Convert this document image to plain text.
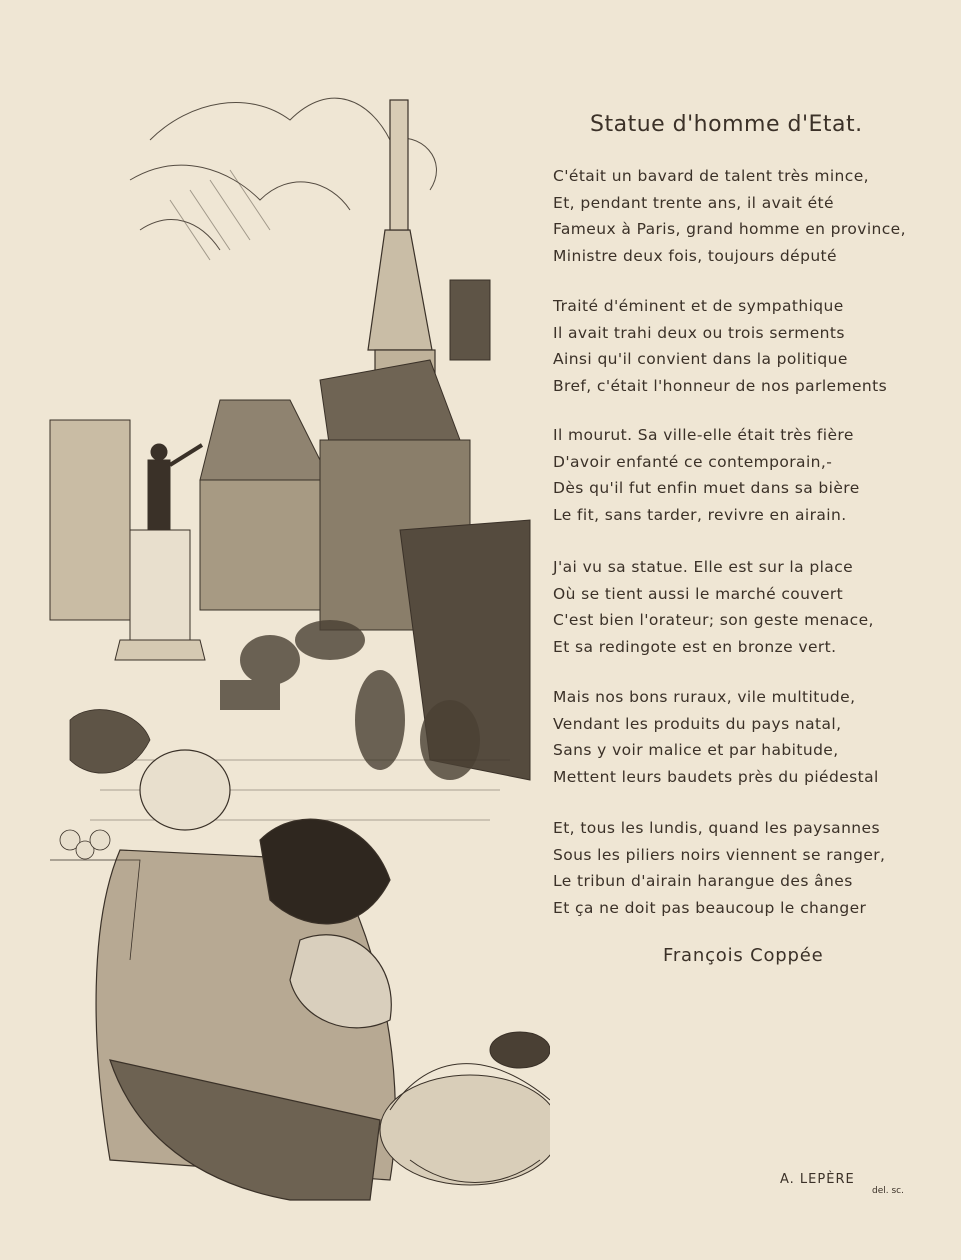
Statue d'homme d'Etat.
C'était un bavard de talent très mince,
Et, pendant trente ans, il avait été
Fameux à Paris, grand homme en province,
Ministre deux fois, toujours député
Traité d'éminent et de sympathique
Il avait trahi deux ou trois serments
Ainsi qu'il convient dans la politique
Bref, c'était l'honneur de nos parlements
Il mourut. Sa ville-elle était très fière
D'avoir enfanté ce contemporain,-
Dès qu'il fut enfin muet dans sa bière
Le fit, sans tarder, revivre en airain.
J'ai vu sa statue. Elle est sur la place
Où se tient aussi le marché couvert
C'est bien l'orateur; son geste menace,
Et sa redingote est en bronze vert.
Mais nos bons ruraux, vile multitude,
Vendant les produits du pays natal,
Sans y voir malice et par habitude,
Mettent leurs baudets près du piédestal
Et, tous les lundis, quand les paysannes
Sous les piliers noirs viennent se ranger,
Le tribun d'airain harangue des ânes
Et ça ne doit pas beaucoup le changer
François Coppée
A. LEPÈRE
del. sc.
